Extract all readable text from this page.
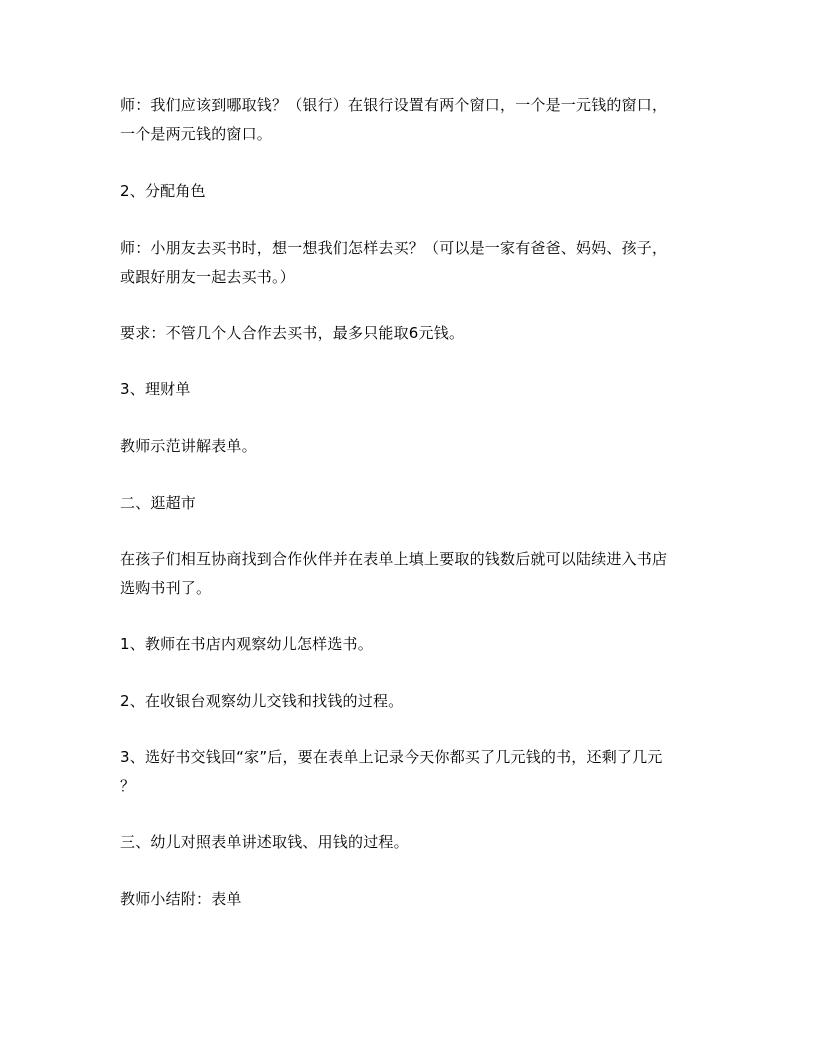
师：我们应该到哪取钱？（银行）在银行设置有两个窗口，一个是一元钱的窗口，
一个是两元钱的窗口。

2、分配角色

师：小朋友去买书时，想一想我们怎样去买？（可以是一家有爸爸、妈妈、孩子，
或跟好朋友一起去买书。）

要求：不管几个人合作去买书，最多只能取6元钱。

3、理财单

教师示范讲解表单。

二、逛超市

在孩子们相互协商找到合作伙伴并在表单上填上要取的钱数后就可以陆续进入书店
选购书刊了。

1、教师在书店内观察幼儿怎样选书。

2、在收银台观察幼儿交钱和找钱的过程。

3、选好书交钱回“家”后，要在表单上记录今天你都买了几元钱的书，还剩了几元
？

三、幼儿对照表单讲述取钱、用钱的过程。

教师小结附：表单
